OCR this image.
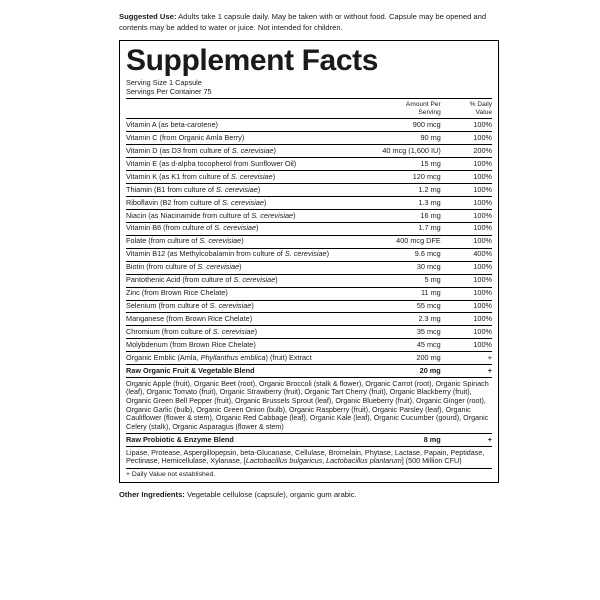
Suggested Use: Adults take 1 capsule daily. May be taken with or without food. Capsule may be opened and contents may be added to water or juice. Not intended for children.
Supplement Facts
Serving Size 1 Capsule
Servings Per Container 75

Amount Per
Serving

% Daily
Value

Vitamin A (as beta-carotene)	900 mcg	100%
Vitamin C (from Organic Amla Berry)	90 mg	100%
Vitamin D (as D3 from culture of S. cerevisiae)	40 mcg (1,600 IU)	200%
Vitamin E (as d-alpha tocopherol from Sunflower Oil)	15 mg	100%
Vitamin K (as K1 from culture of S. cerevisiae)	120 mcg	100%
Thiamin (B1 from culture of S. cerevisiae)	1.2 mg	100%
Riboflavin (B2 from culture of S. cerevisiae)	1.3 mg	100%
Niacin (as Niacinamide from culture of S. cerevisiae)	16 mg	100%
Vitamin B6 (from culture of S. cerevisiae)	1.7 mg	100%
Folate (from culture of S. cerevisiae)	400 mcg DFE	100%
Vitamin B12 (as Methylcobalamin from culture of S. cerevisiae)	9.6 mcg	400%
Biotin (from culture of S. cerevisiae)	30 mcg	100%
Pantothenic Acid (from culture of S. cerevisiae)	5 mg	100%
Zinc (from Brown Rice Chelate)	11 mg	100%
Selenium (from culture of S. cerevisiae)	55 mcg	100%
Manganese (from Brown Rice Chelate)	2.3 mg	100%
Chromium (from culture of S. cerevisiae)	35 mcg	100%
Molybdenum (from Brown Rice Chelate)	45 mcg	100%
Organic Emblic (Amla, Phyllanthus emblica) (fruit) Extract	200 mg	+
Raw Organic Fruit & Vegetable Blend	20 mg	+
Organic Apple (fruit), Organic Beet (root), Organic Broccoli (stalk & flower), Organic Carrot (root), Organic Spinach (leaf), Organic Tomato (fruit), Organic Strawberry (fruit), Organic Tart Cherry (fruit), Organic Blackberry (fruit), Organic Green Bell Pepper (fruit), Organic Brussels Sprout (leaf), Organic Blueberry (fruit), Organic Ginger (root), Organic Garlic (bulb), Organic Green Onion (bulb), Organic Raspberry (fruit), Organic Parsley (leaf), Organic Cauliflower (flower & stem), Organic Red Cabbage (leaf), Organic Kale (leaf), Organic Cucumber (gourd), Organic Celery (stalk), Organic Asparagus (flower & stem)		
Raw Probiotic & Enzyme Blend	8 mg	+
Lipase, Protease, Aspergillopepsin, beta-Glucanase, Cellulase, Bromelain, Phytase, Lactase, Papain, Peptidase, Pectinase, Hemicellulase, Xylanase, [Lactobacillus bulgaricus, Lactobacillus plantarum] (500 Million CFU)		
+ Daily Value not established.
Other Ingredients: Vegetable cellulose (capsule), organic gum arabic.
